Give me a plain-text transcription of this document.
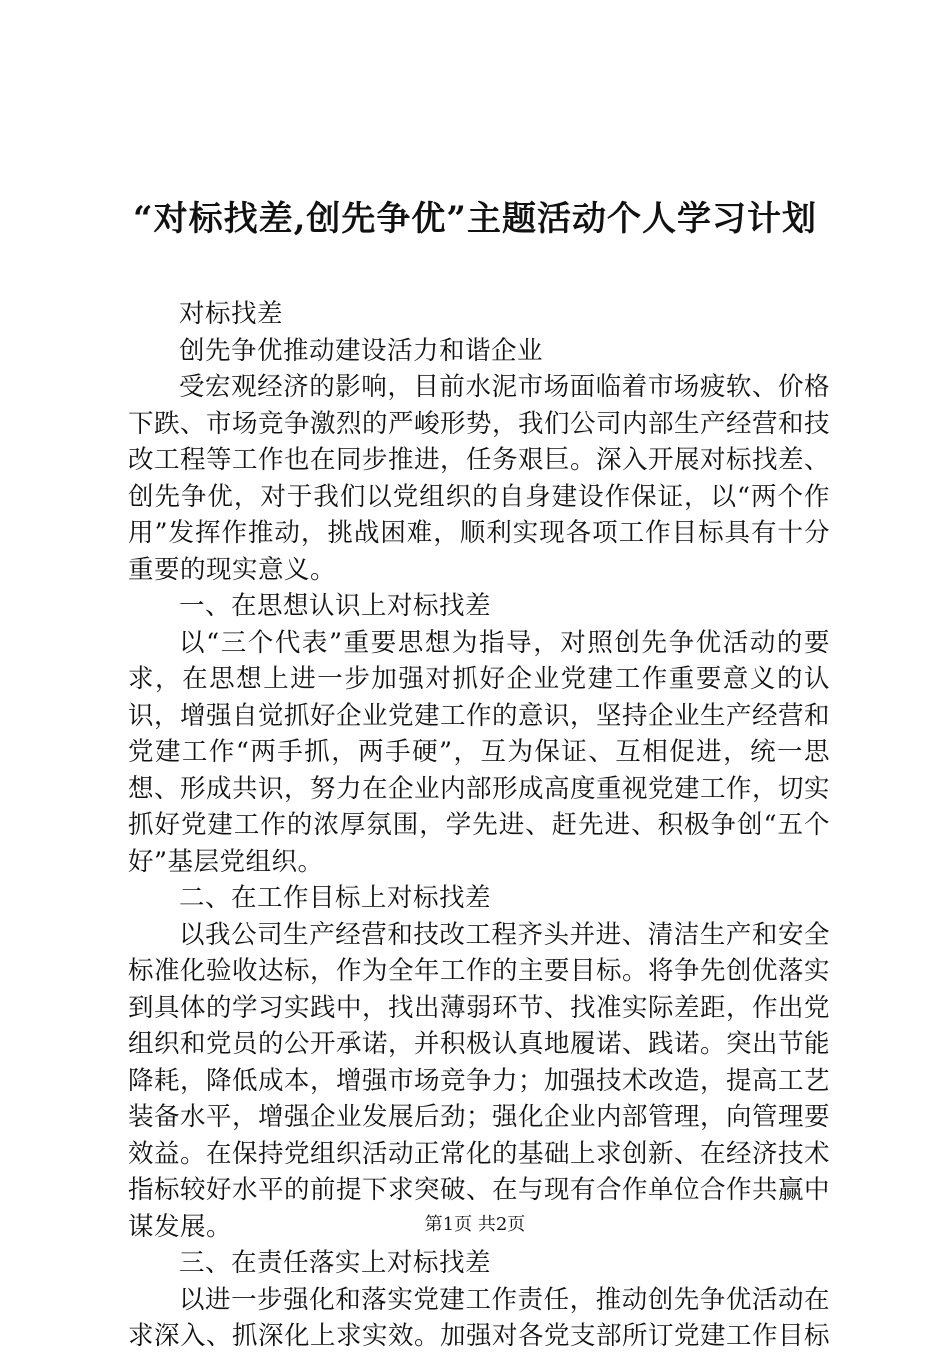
“对标找差,创先争优”主题活动个人学习计划

对标找差

创先争优推动建设活力和谐企业

受宏观经济的影响，目前水泥市场面临着市场疲软、价格下跌、市场竞争激烈的严峻形势，我们公司内部生产经营和技改工程等工作也在同步推进，任务艰巨。深入开展对标找差、创先争优，对于我们以党组织的自身建设作保证，以“两个作用”发挥作推动，挑战困难，顺利实现各项工作目标具有十分重要的现实意义。

一、在思想认识上对标找差

以“三个代表”重要思想为指导，对照创先争优活动的要求，在思想上进一步加强对抓好企业党建工作重要意义的认识，增强自觉抓好企业党建工作的意识，坚持企业生产经营和党建工作“两手抓，两手硬”，互为保证、互相促进，统一思想、形成共识，努力在企业内部形成高度重视党建工作，切实抓好党建工作的浓厚氛围，学先进、赶先进、积极争创“五个好”基层党组织。

二、在工作目标上对标找差

以我公司生产经营和技改工程齐头并进、清洁生产和安全标准化验收达标，作为全年工作的主要目标。将争先创优落实到具体的学习实践中，找出薄弱环节、找准实际差距，作出党组织和党员的公开承诺，并积极认真地履诺、践诺。突出节能降耗，降低成本，增强市场竞争力；加强技术改造，提高工艺装备水平，增强企业发展后劲；强化企业内部管理，向管理要效益。在保持党组织活动正常化的基础上求创新、在经济技术指标较好水平的前提下求突破、在与现有合作单位合作共赢中谋发展。

三、在责任落实上对标找差

以进一步强化和落实党建工作责任，推动创先争优活动在求深入、抓深化上求实效。加强对各党支部所订党建工作目标

第1页 共2页
